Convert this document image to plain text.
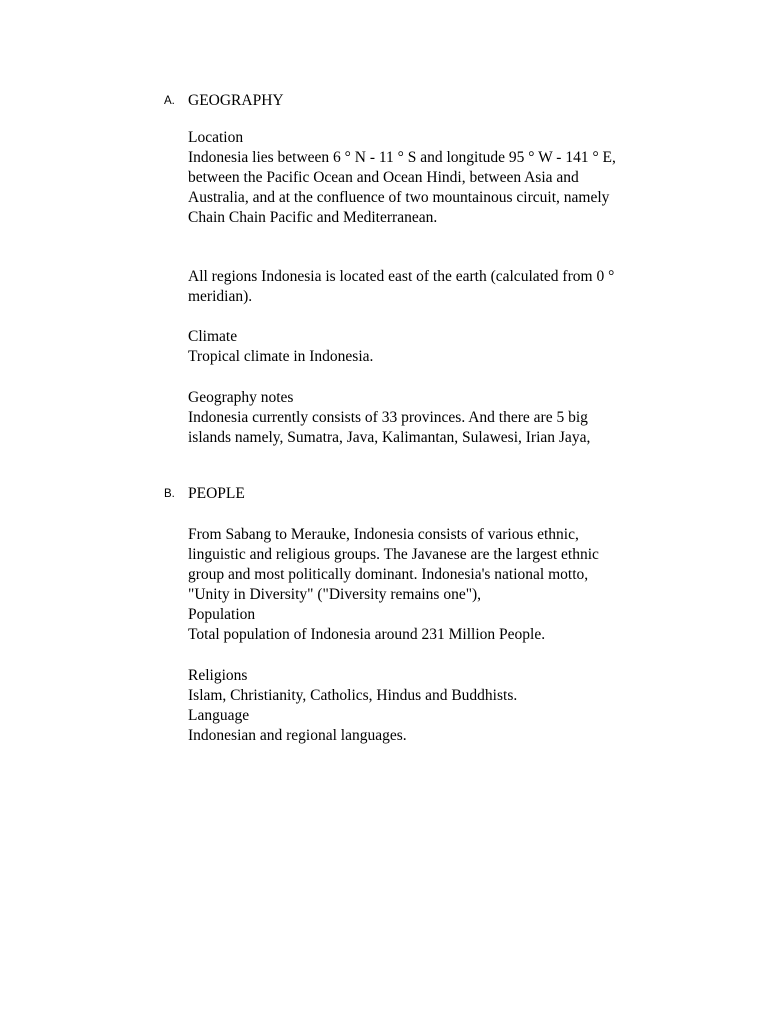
A. GEOGRAPHY
Location
Indonesia lies between 6 ° N - 11 ° S and longitude 95 ° W - 141 ° E,
between the Pacific Ocean and Ocean Hindi, between Asia and
Australia, and at the confluence of two mountainous circuit, namely
Chain Chain Pacific and Mediterranean.
All regions Indonesia is located east of the earth (calculated from 0 °
meridian).
Climate
Tropical climate in Indonesia.
Geography notes
Indonesia currently consists of 33 provinces. And there are 5 big
islands namely, Sumatra, Java, Kalimantan, Sulawesi, Irian Jaya,
B. PEOPLE
From Sabang to Merauke, Indonesia consists of various ethnic,
linguistic and religious groups. The Javanese are the largest ethnic
group and most politically dominant. Indonesia's national motto,
"Unity in Diversity" ("Diversity remains one"),
Population
Total population of Indonesia around 231 Million People.
Religions
Islam, Christianity, Catholics, Hindus and Buddhists.
Language
Indonesian and regional languages.
